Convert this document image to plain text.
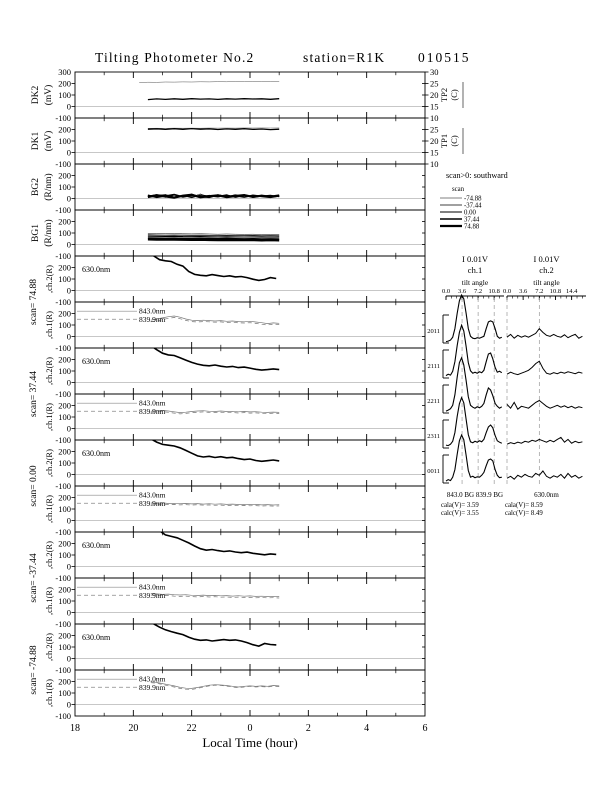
Tilting Photometer No.2	station=R1K 010515
200
100
0
-100
300
DK2 (mV)
30
25
20
15
10
TP2 (C)
200
100
0
-100
DK1 (mV)
25
20
15
10
TP1 (C)
200
100
0
-100
BG2 (R/nm)
200
100
0
-100
BG1 (R/nm)
200
100
0
-100
,ch.2(R)
scan= 74.88
630.0nm
200
100
0
-100
,ch.1(R)	843.0nm
839.9nm
200
100
0
-100
,ch.2(R)
scan= 37.44
630.0nm
200
100
0
-100
,ch.1(R)	843.0nm
839.9nm
200
100
0
-100
,ch.2(R)
scan= 0.00
630.0nm
200
100
0
-100
,ch.1(R)	843.0nm
839.9nm
200
100
0
-100
,ch.2(R)
scan= -37.44
630.0nm
200
100
0
-100
,ch.1(R)	843.0nm
839.9nm
200
100
0
-100
,ch.2(R)
scan= -74.88
630.0nm
200
100
0
-100
,ch.1(R)	843.0nm
839.9nm
18	20	22	0	2	4	6
Local Time (hour)
scan>0: southward
scan
-74.88
-37.44
0.00
37.44
74.88
I 0.01V
ch.1
tilt angle
0.0 3.6 7.2 10.8
843.0 BG 839.9 BG
cala(V)= 3.59
calc(V)= 3.55
I 0.01V
ch.2
tilt angle
0.0 3.6 7.2 10.8 14.4
630.0nm
cala(V)= 8.59
calc(V)= 8.49
2011
2111
2211
2311
0011
